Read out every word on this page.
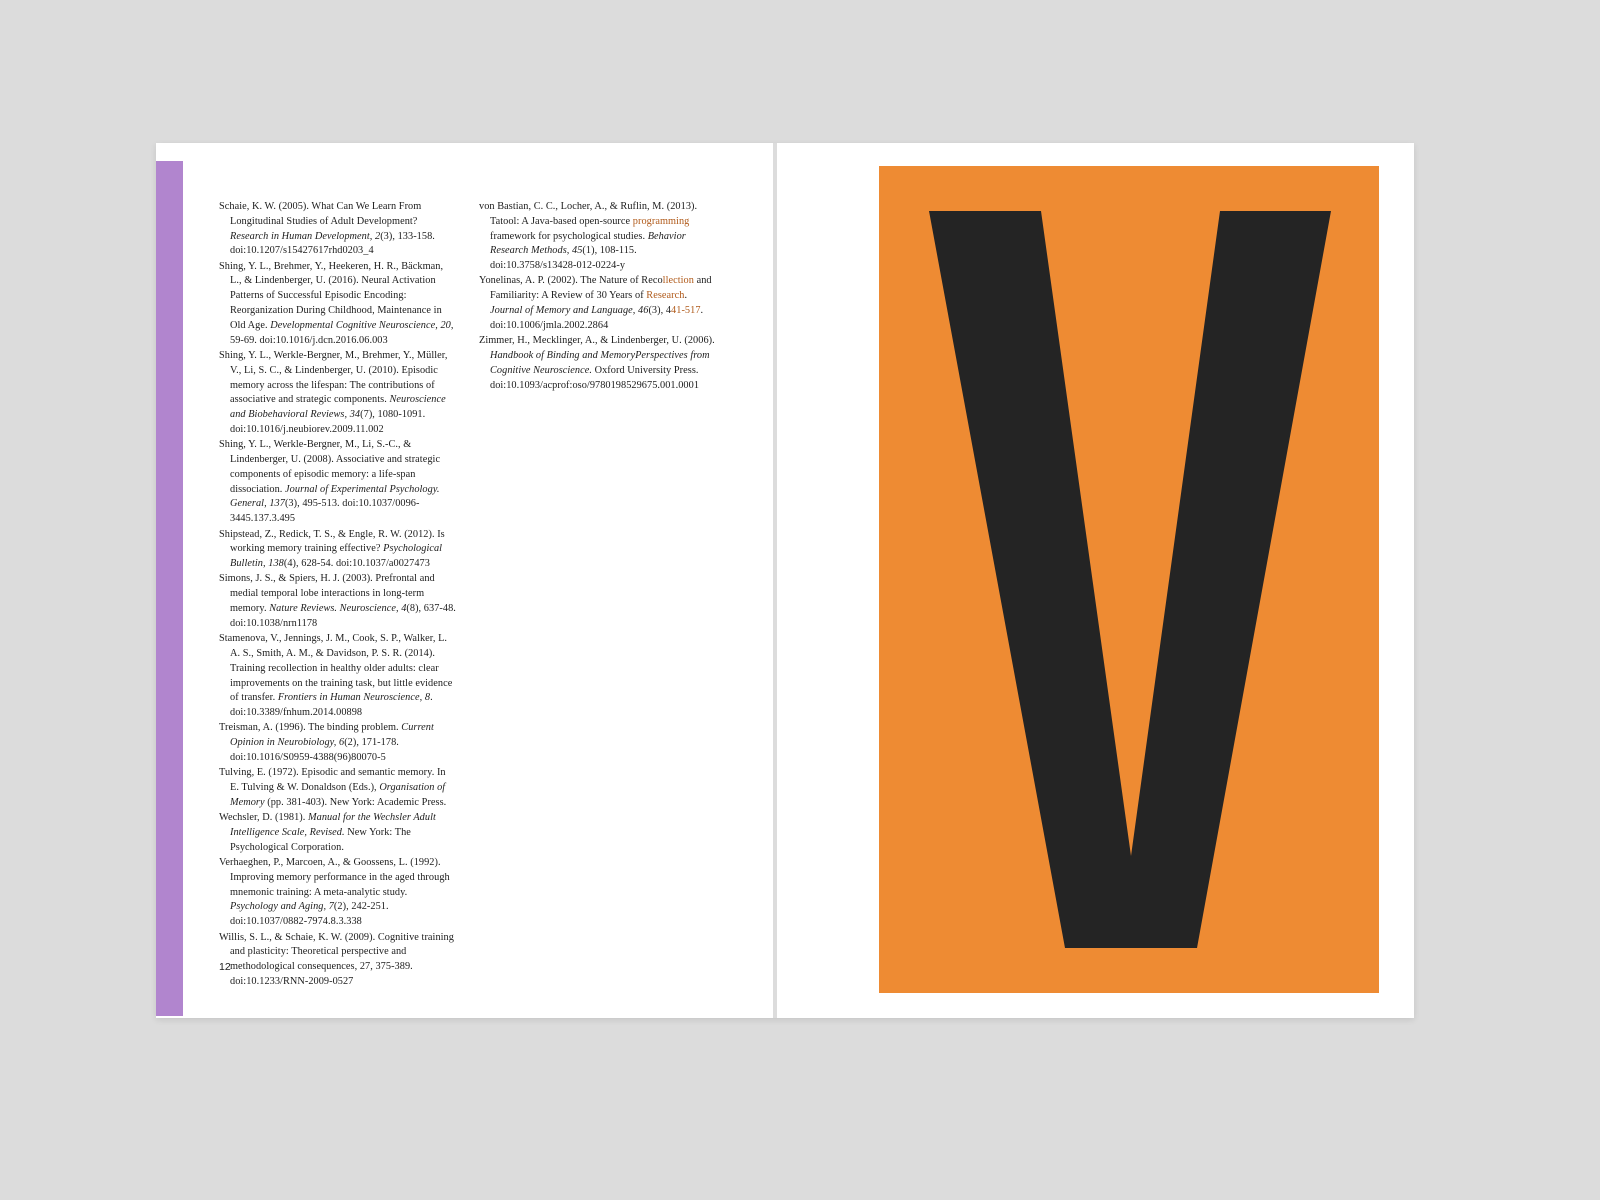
Schaie, K. W. (2005). What Can We Learn From Longitudinal Studies of Adult Development? Research in Human Development, 2(3), 133-158. doi:10.1207/s15427617rhd0203_4

Shing, Y. L., Brehmer, Y., Heekeren, H. R., Bäckman, L., & Lindenberger, U. (2016). Neural Activation Patterns of Successful Episodic Encoding: Reorganization During Childhood, Maintenance in Old Age. Developmental Cognitive Neuroscience, 20, 59-69. doi:10.1016/j.dcn.2016.06.003

Shing, Y. L., Werkle-Bergner, M., Brehmer, Y., Müller, V., Li, S. C., & Lindenberger, U. (2010). Episodic memory across the lifespan: The contributions of associative and strategic components. Neuroscience and Biobehavioral Reviews, 34(7), 1080-1091. doi:10.1016/j.neubiorev.2009.11.002

Shing, Y. L., Werkle-Bergner, M., Li, S.-C., & Lindenberger, U. (2008). Associative and strategic components of episodic memory: a life-span dissociation. Journal of Experimental Psychology. General, 137(3), 495-513. doi:10.1037/0096-3445.137.3.495

Shipstead, Z., Redick, T. S., & Engle, R. W. (2012). Is working memory training effective? Psychological Bulletin, 138(4), 628-54. doi:10.1037/a0027473

Simons, J. S., & Spiers, H. J. (2003). Prefrontal and medial temporal lobe interactions in long-term memory. Nature Reviews. Neuroscience, 4(8), 637-48. doi:10.1038/nrn1178

Stamenova, V., Jennings, J. M., Cook, S. P., Walker, L. A. S., Smith, A. M., & Davidson, P. S. R. (2014). Training recollection in healthy older adults: clear improvements on the training task, but little evidence of transfer. Frontiers in Human Neuroscience, 8. doi:10.3389/fnhum.2014.00898

Treisman, A. (1996). The binding problem. Current Opinion in Neurobiology, 6(2), 171-178. doi:10.1016/S0959-4388(96)80070-5

Tulving, E. (1972). Episodic and semantic memory. In E. Tulving & W. Donaldson (Eds.), Organisation of Memory (pp. 381-403). New York: Academic Press.

Wechsler, D. (1981). Manual for the Wechsler Adult Intelligence Scale, Revised. New York: The Psychological Corporation.

Verhaeghen, P., Marcoen, A., & Goossens, L. (1992). Improving memory performance in the aged through mnemonic training: A meta-analytic study. Psychology and Aging, 7(2), 242-251. doi:10.1037/0882-7974.8.3.338

Willis, S. L., & Schaie, K. W. (2009). Cognitive training and plasticity: Theoretical perspective and methodological consequences, 27, 375-389. doi:10.1233/RNN-2009-0527

von Bastian, C. C., Locher, A., & Ruflin, M. (2013). Tatool: A Java-based open-source programming framework for psychological studies. Behavior Research Methods, 45(1), 108-115. doi:10.3758/s13428-012-0224-y

Yonelinas, A. P. (2002). The Nature of Recollection and Familiarity: A Review of 30 Years of Research. Journal of Memory and Language, 46(3), 441-517. doi:10.1006/jmla.2002.2864

Zimmer, H., Mecklinger, A., & Lindenberger, U. (2006). Handbook of Binding and MemoryPerspectives from Cognitive Neuroscience. Oxford University Press. doi:10.1093/acprof:oso/9780198529675.001.0001

12
